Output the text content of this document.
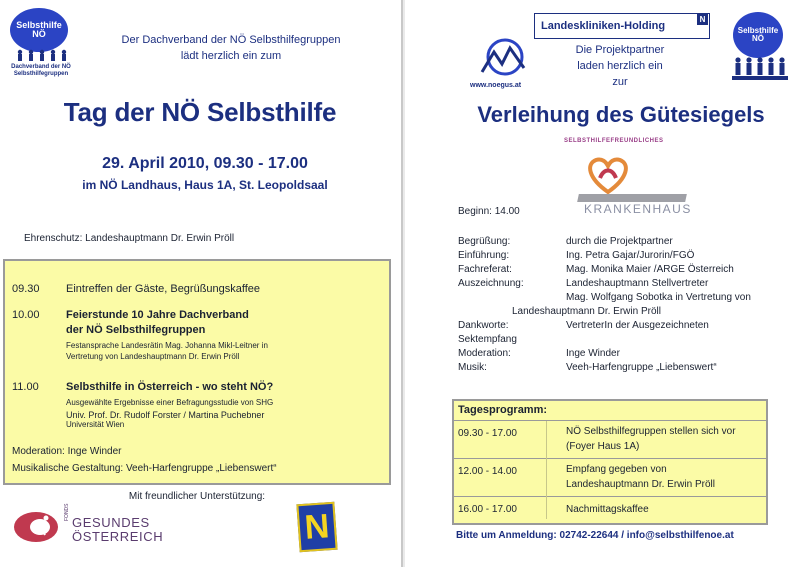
Selbsthilfe NÖ
Dachverband der NÖ Selbsthilfegruppen
Der Dachverband der NÖ Selbsthilfegruppen
lädt herzlich ein zum
Tag der NÖ Selbsthilfe
29. April 2010, 09.30 - 17.00
im NÖ Landhaus, Haus 1A, St. Leopoldsaal
Ehrenschutz: Landeshauptmann Dr. Erwin Pröll
09.30 Eintreffen der Gäste, Begrüßungskaffee
10.00 Feierstunde 10 Jahre Dachverband
der NÖ Selbsthilfegruppen
Festansprache Landesrätin Mag. Johanna Mikl-Leitner in
Vertretung von Landeshauptmann Dr. Erwin Pröll
11.00 Selbsthilfe in Österreich - wo steht NÖ?
Ausgewählte Ergebnisse einer Befragungsstudie von SHG
Univ. Prof. Dr. Rudolf Forster / Martina Puchebner
Universität Wien
Moderation: Inge Winder
Musikalische Gestaltung: Veeh-Harfengruppe „Liebenswert“
Mit freundlicher Unterstützung:
FONDS
GESUNDES
ÖSTERREICH	N
www.noegus.at
Landeskliniken-Holding
N
Selbsthilfe NÖ
Die Projektpartner
laden herzlich ein
zur
Verleihung des Gütesiegels
SELBSTHILFEFREUNDLICHES
KRANKENHAUS
Beginn: 14.00
Begrüßung:	durch die Projektpartner
Einführung:	Ing. Petra Gajar/Jurorin/FGÖ
Fachreferat:	Mag. Monika Maier /ARGE Österreich
Auszeichnung:	Landeshauptmann Stellvertreter
Mag. Wolfgang Sobotka in Vertretung von
Landeshauptmann Dr. Erwin Pröll
Dankworte:	VertreterIn der Ausgezeichneten
Sektempfang
Moderation:	Inge Winder
Musik:	Veeh-Harfengruppe „Liebenswert“
Tagesprogramm:
09.30 - 17.00	NÖ Selbsthilfegruppen stellen sich vor
(Foyer Haus 1A)
12.00 - 14.00	Empfang gegeben von
Landeshauptmann Dr. Erwin Pröll
16.00 - 17.00	Nachmittagskaffee
Bitte um Anmeldung: 02742-22644 / info@selbsthilfenoe.at
